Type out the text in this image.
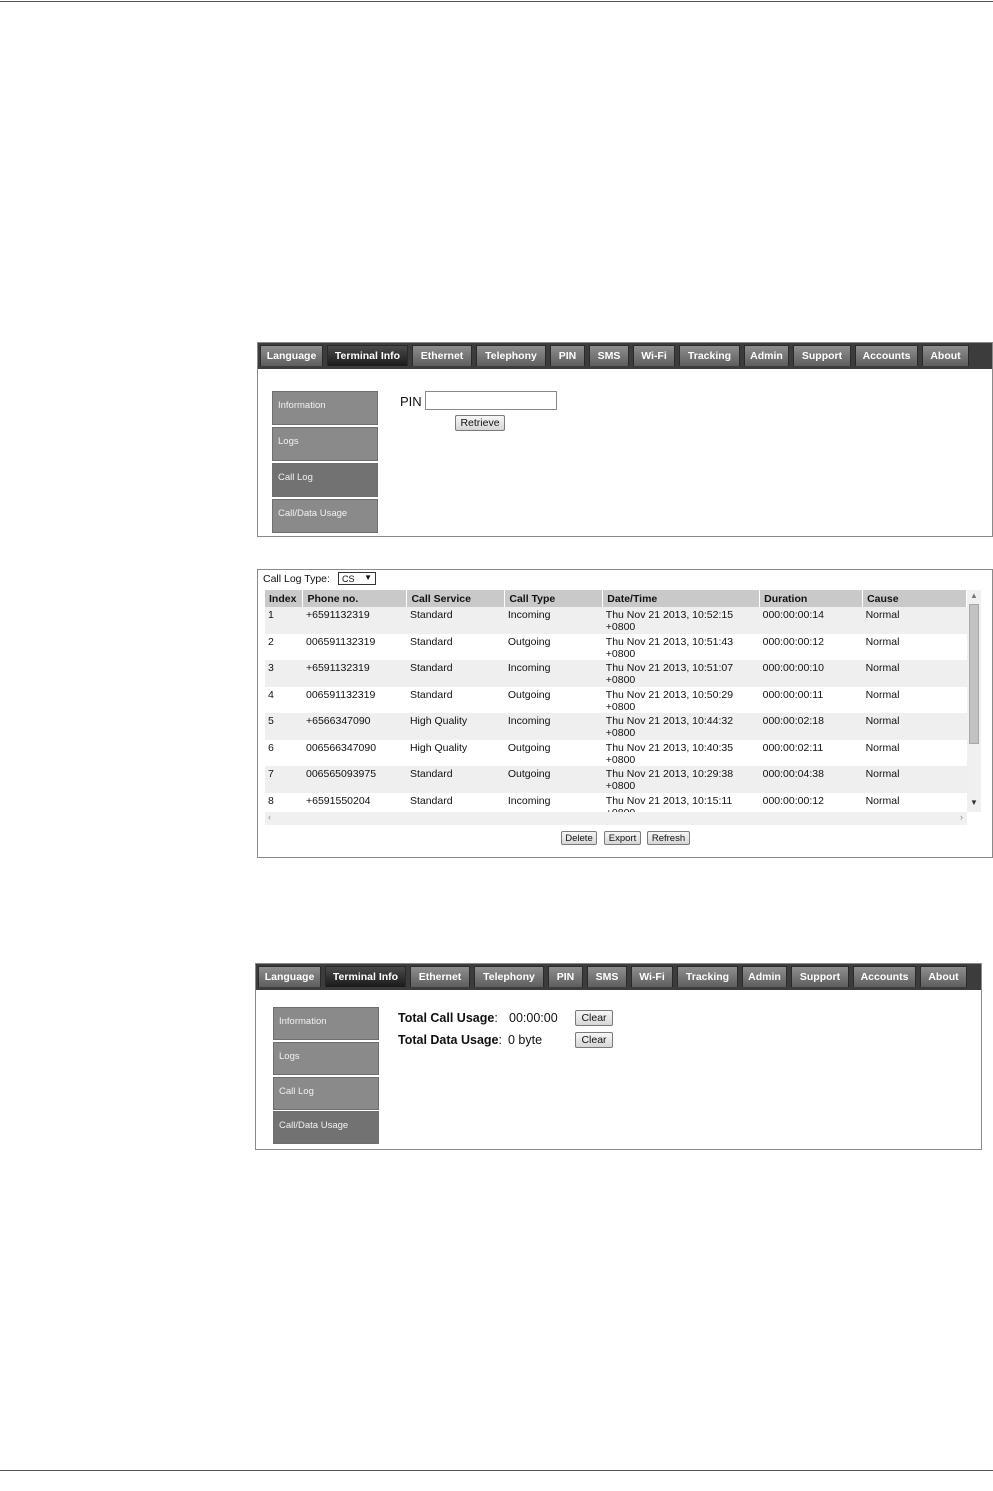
Language	Terminal Info	Ethernet	Telephony	PIN	SMS	Wi-Fi	Tracking	Admin	Support	Accounts	About
Information
Logs
Call Log
Call/Data Usage
PIN
Retrieve
Call Log Type: CS ▼
Index	Phone no.	Call Service	Call Type	Date/Time	Duration	Cause
1	+6591132319	Standard	Incoming	Thu Nov 21 2013, 10:52:15 +0800	000:00:00:14	Normal
2	006591132319	Standard	Outgoing	Thu Nov 21 2013, 10:51:43 +0800	000:00:00:12	Normal
3	+6591132319	Standard	Incoming	Thu Nov 21 2013, 10:51:07 +0800	000:00:00:10	Normal
4	006591132319	Standard	Outgoing	Thu Nov 21 2013, 10:50:29 +0800	000:00:00:11	Normal
5	+6566347090	High Quality	Incoming	Thu Nov 21 2013, 10:44:32 +0800	000:00:02:18	Normal
6	006566347090	High Quality	Outgoing	Thu Nov 21 2013, 10:40:35 +0800	000:00:02:11	Normal
7	006565093975	Standard	Outgoing	Thu Nov 21 2013, 10:29:38 +0800	000:00:04:38	Normal
8	+6591550204	Standard	Incoming	Thu Nov 21 2013, 10:15:11	000:00:00:12	Normal
▲
▼
‹	›
Delete	Export	Refresh
Language	Terminal Info	Ethernet	Telephony	PIN	SMS	Wi-Fi	Tracking	Admin	Support	Accounts	About
Information
Logs
Call Log
Call/Data Usage
Total Call Usage: 00:00:00	Clear
Total Data Usage: 0 byte	Clear
